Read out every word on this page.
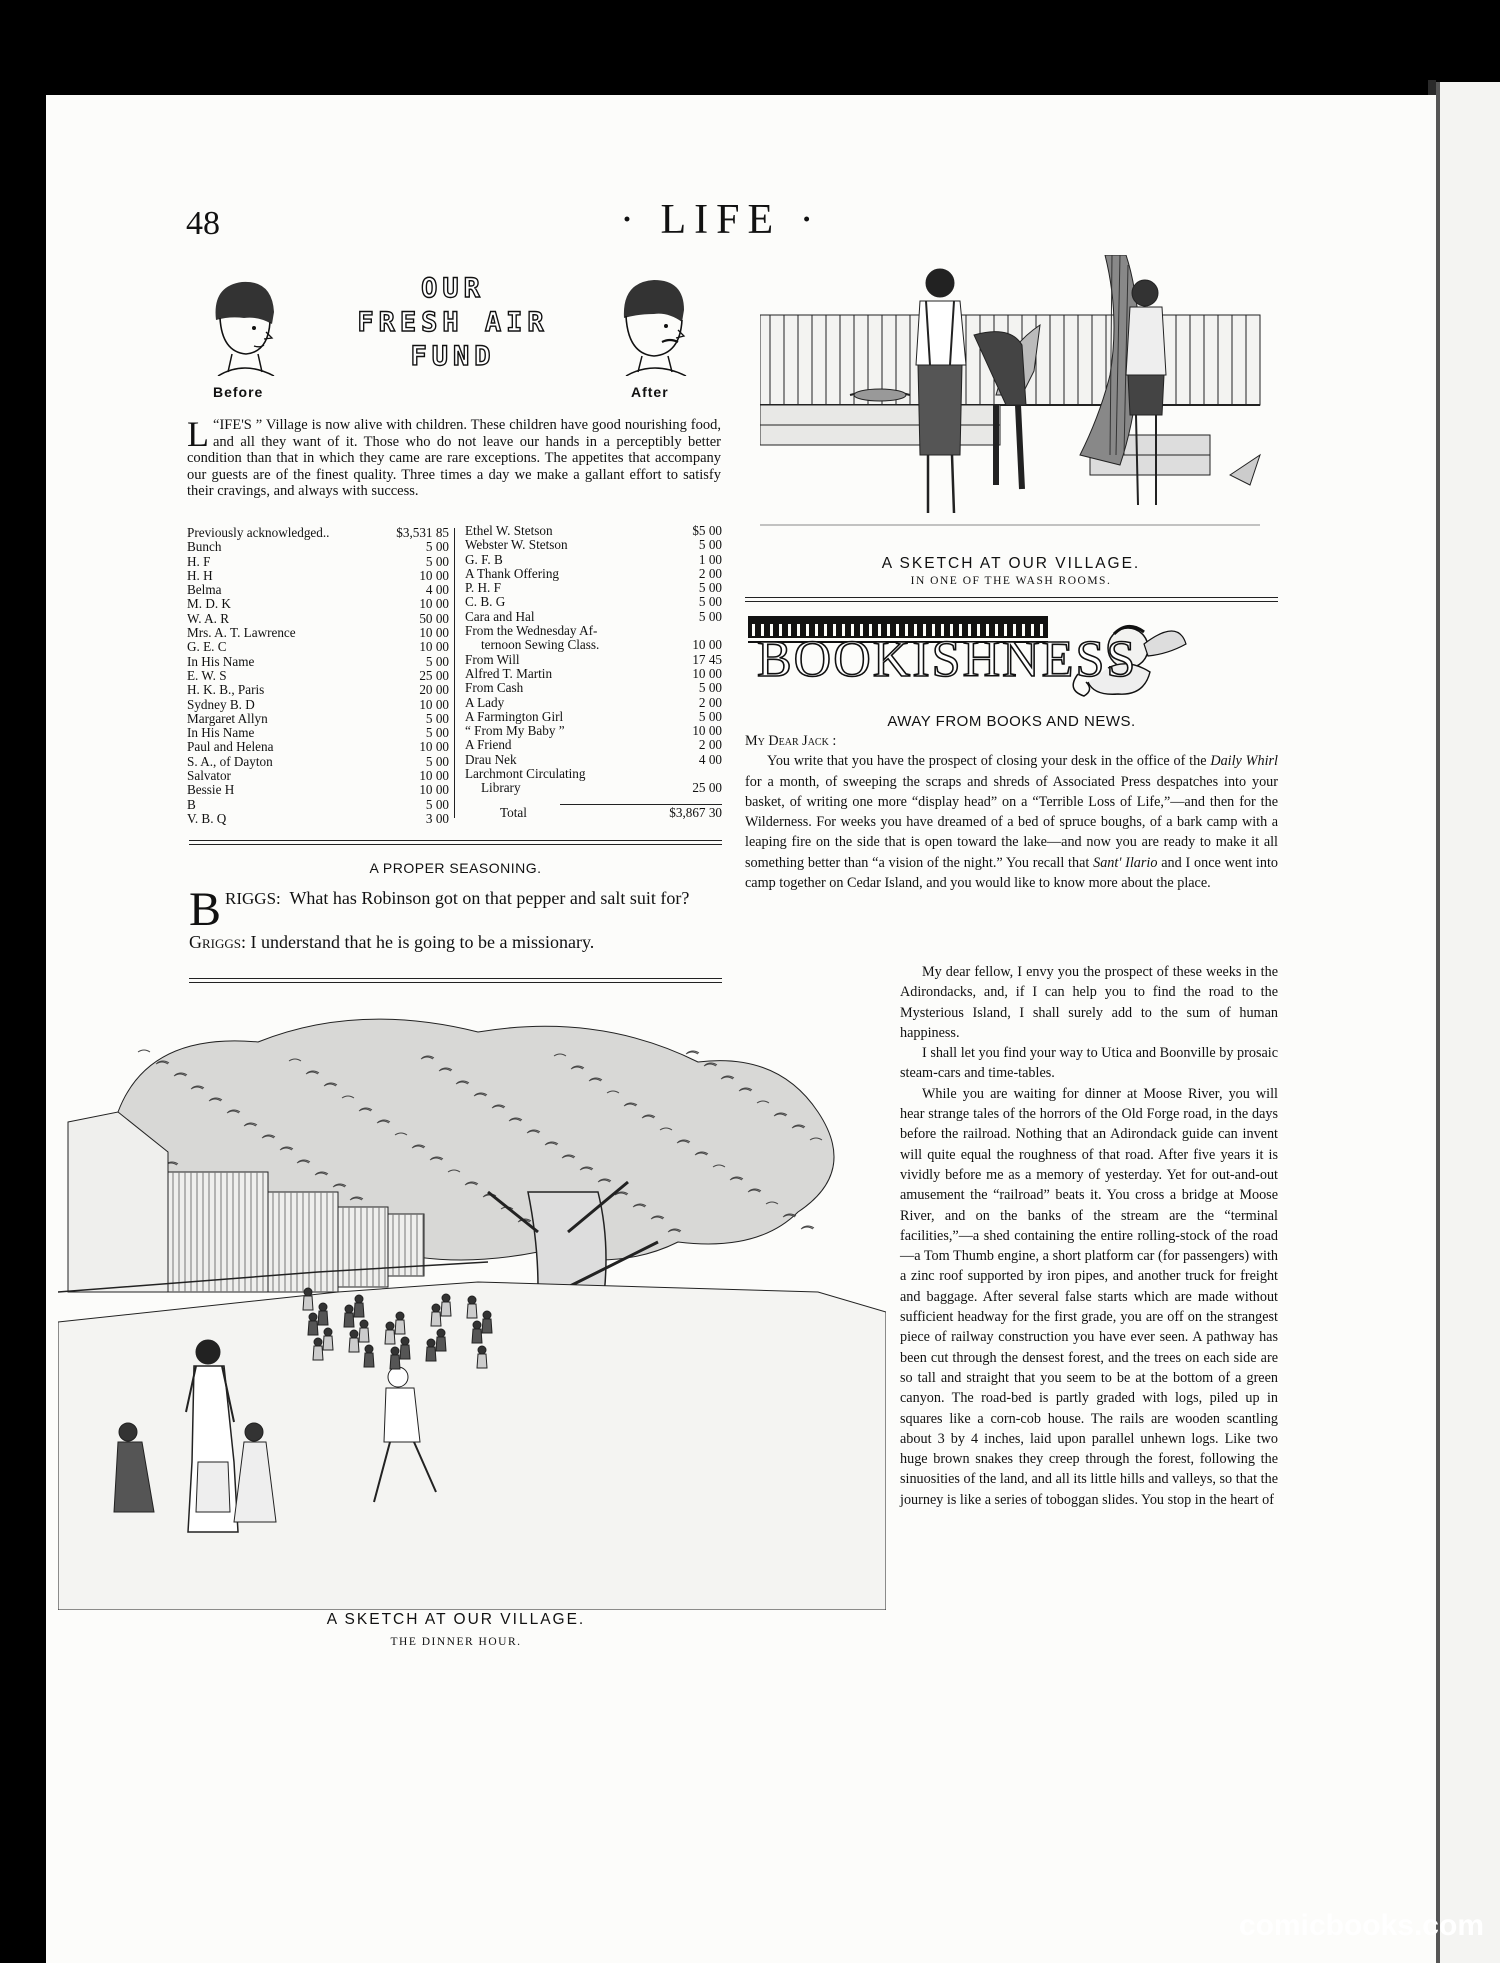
48	· LIFE ·
Before
OUR
FRESH AIR
FUND
After
“
L IFE'S ” Village is now alive with children. These children have good nourishing food, and all they want of it. Those who do not leave our hands in a perceptibly better condition than that in which they came are rare exceptions. The appetites that accompany our guests are of the finest quality. Three times a day we make a gallant effort to satisfy their cravings, and always with success.
Previously acknowledged..	$3,531 85
Bunch	5 00
H. F	5 00
H. H	10 00
Belma	4 00
M. D. K	10 00
W. A. R	50 00
Mrs. A. T. Lawrence	10 00
G. E. C	10 00
In His Name	5 00
E. W. S	25 00
H. K. B., Paris	20 00
Sydney B. D	10 00
Margaret Allyn	5 00
In His Name	5 00
Paul and Helena	10 00
S. A., of Dayton	5 00
Salvator	10 00
Bessie H	10 00
B	5 00
V. B. Q	3 00
Ethel W. Stetson	$5 00
Webster W. Stetson	5 00
G. F. B	1 00
A Thank Offering	2 00
P. H. F	5 00
C. B. G	5 00
Cara and Hal	5 00
From the Wednesday Af-
ternoon Sewing Class.	10 00
From Will	17 45
Alfred T. Martin	10 00
From Cash	5 00
A Lady	2 00
A Farmington Girl	5 00
“ From My Baby ”	10 00
A Friend	2 00
Drau Nek	4 00
Larchmont Circulating
Library	25 00
Total	$3,867 30
A PROPER SEASONING.
BRIGGS: What has Robinson got on that pepper and salt suit for?
Griggs: I understand that he is going to be a missionary.
A SKETCH AT OUR VILLAGE.
IN ONE OF THE WASH ROOMS.
BOOKISHNESS
AWAY FROM BOOKS AND NEWS.

My Dear Jack :

You write that you have the prospect of closing your desk in the office of the Daily Whirl for a month, of sweeping the scraps and shreds of Associated Press despatches into your basket, of writing one more “display head” on a “Terrible Loss of Life,”—and then for the Wilderness. For weeks you have dreamed of a bed of spruce boughs, of a bark camp with a leaping fire on the side that is open toward the lake—and now you are ready to make it all something better than “a vision of the night.” You recall that Sant' Ilario and I once went into camp together on Cedar Island, and you would like to know more about the place.

My dear fellow, I envy you the prospect of these weeks in the Adirondacks, and, if I can help you to find the road to the Mysterious Island, I shall surely add to the sum of human happiness.

I shall let you find your way to Utica and Boonville by prosaic steam-cars and time-tables.

While you are waiting for dinner at Moose River, you will hear strange tales of the horrors of the Old Forge road, in the days before the railroad. Nothing that an Adirondack guide can invent will quite equal the roughness of that road. After five years it is vividly before me as a memory of yesterday. Yet for out-and-out amusement the “railroad” beats it. You cross a bridge at Moose River, and on the banks of the stream are the “terminal facilities,”—a shed containing the entire rolling-stock of the road—a Tom Thumb engine, a short platform car (for passengers) with a zinc roof supported by iron pipes, and another truck for freight and baggage. After several false starts which are made without sufficient headway for the first grade, you are off on the strangest piece of railway construction you have ever seen. A pathway has been cut through the densest forest, and the trees on each side are so tall and straight that you seem to be at the bottom of a green canyon. The road-bed is partly graded with logs, piled up in squares like a corn-cob house. The rails are wooden scantling about 3 by 4 inches, laid upon parallel unhewn logs. Like two huge brown snakes they creep through the forest, following the sinuosities of the land, and all its little hills and valleys, so that the journey is like a series of toboggan slides. You stop in the heart of

A SKETCH AT OUR VILLAGE.
THE DINNER HOUR.
comicbooks.com
